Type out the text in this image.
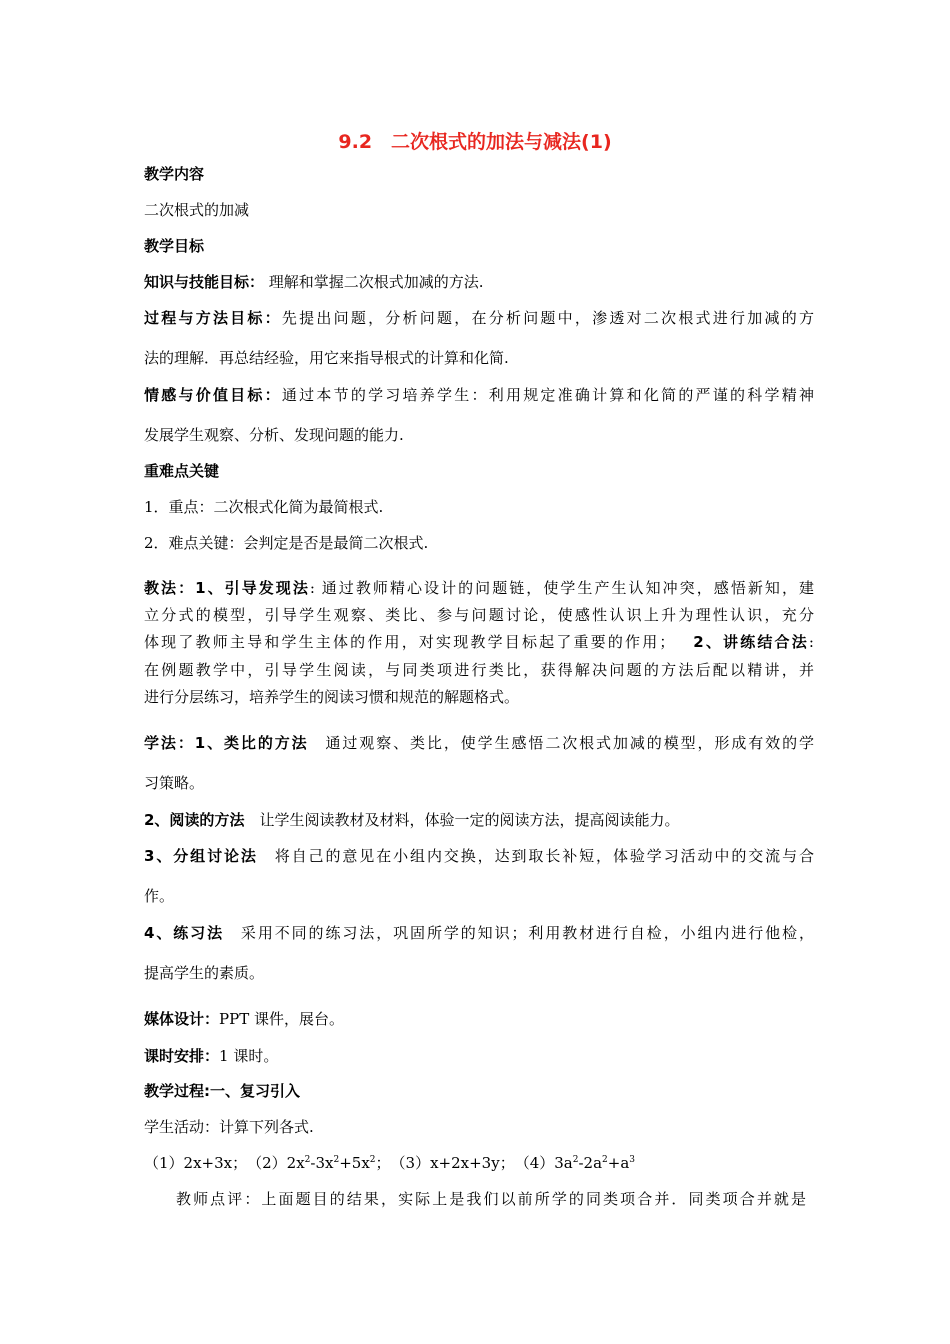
9.2　二次根式的加法与减法(1)
教学内容
二次根式的加减
教学目标
知识与技能目标： 理解和掌握二次根式加减的方法.
过程与方法目标：先提出问题，分析问题，在分析问题中，渗透对二次根式进行加减的方
法的理解．再总结经验，用它来指导根式的计算和化简.
情感与价值目标：通过本节的学习培养学生：利用规定准确计算和化简的严谨的科学精神
发展学生观察、分析、发现问题的能力.
重难点关键
1．重点：二次根式化简为最简根式.
2．难点关键：会判定是否是最简二次根式.
教法：1、引导发现法: 通过教师精心设计的问题链，使学生产生认知冲突，感悟新知，建
立分式的模型，引导学生观察、类比、参与问题讨论，使感性认识上升为理性认识，充分
体现了教师主导和学生主体的作用，对实现教学目标起了重要的作用；　 2、讲练结合法:
在例题教学中，引导学生阅读，与同类项进行类比，获得解决问题的方法后配以精讲，并
进行分层练习，培养学生的阅读习惯和规范的解题格式。
学法：1、类比的方法　通过观察、类比，使学生感悟二次根式加减的模型，形成有效的学
习策略。
2、阅读的方法　让学生阅读教材及材料，体验一定的阅读方法，提高阅读能力。
3、分组讨论法　将自己的意见在小组内交换，达到取长补短，体验学习活动中的交流与合
作。
4、练习法　采用不同的练习法，巩固所学的知识；利用教材进行自检，小组内进行他检，
提高学生的素质。
媒体设计：PPT 课件，展台。
课时安排：1 课时。
教学过程:一、复习引入
学生活动：计算下列各式.
（1）2x+3x；　$(2)2x^2-3x^2+5x^2$；　（3）x+2x+3y；　$(4)3a^2-2a^2+a^3$
教师点评：上面题目的结果，实际上是我们以前所学的同类项合并．同类项合并就是
